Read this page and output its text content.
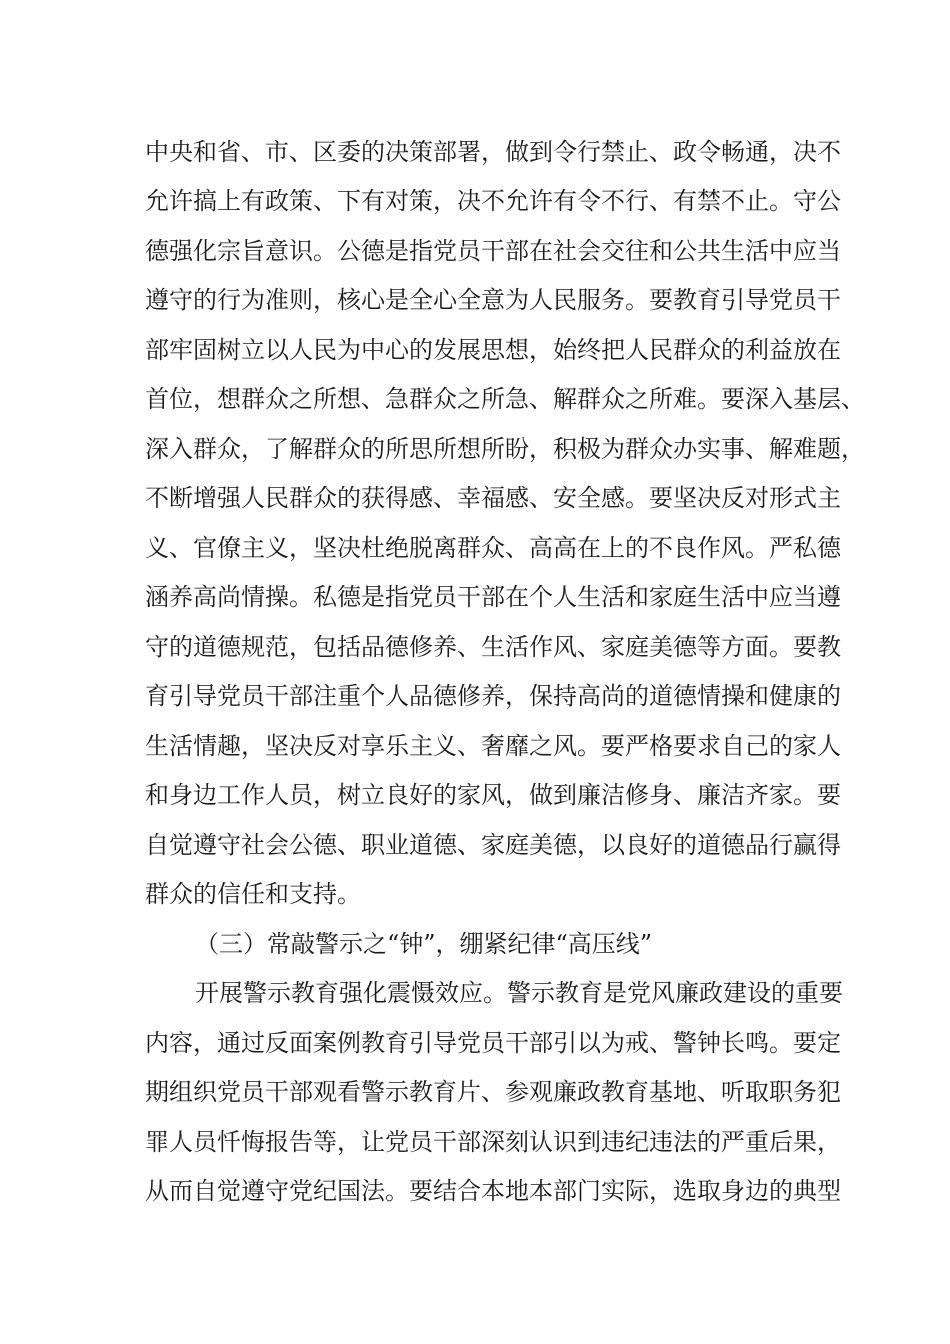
中央和省、市、区委的决策部署，做到令行禁止、政令畅通，决不
允许搞上有政策、下有对策，决不允许有令不行、有禁不止。守公
德强化宗旨意识。公德是指党员干部在社会交往和公共生活中应当
遵守的行为准则，核心是全心全意为人民服务。要教育引导党员干
部牢固树立以人民为中心的发展思想，始终把人民群众的利益放在
首位，想群众之所想、急群众之所急、解群众之所难。要深入基层、
深入群众，了解群众的所思所想所盼，积极为群众办实事、解难题，
不断增强人民群众的获得感、幸福感、安全感。要坚决反对形式主
义、官僚主义，坚决杜绝脱离群众、高高在上的不良作风。严私德
涵养高尚情操。私德是指党员干部在个人生活和家庭生活中应当遵
守的道德规范，包括品德修养、生活作风、家庭美德等方面。要教
育引导党员干部注重个人品德修养，保持高尚的道德情操和健康的
生活情趣，坚决反对享乐主义、奢靡之风。要严格要求自己的家人
和身边工作人员，树立良好的家风，做到廉洁修身、廉洁齐家。要
自觉遵守社会公德、职业道德、家庭美德，以良好的道德品行赢得
群众的信任和支持。
（三）常敲警示之“钟”，绷紧纪律“高压线”
开展警示教育强化震慑效应。警示教育是党风廉政建设的重要
内容，通过反面案例教育引导党员干部引以为戒、警钟长鸣。要定
期组织党员干部观看警示教育片、参观廉政教育基地、听取职务犯
罪人员忏悔报告等，让党员干部深刻认识到违纪违法的严重后果，
从而自觉遵守党纪国法。要结合本地本部门实际，选取身边的典型
